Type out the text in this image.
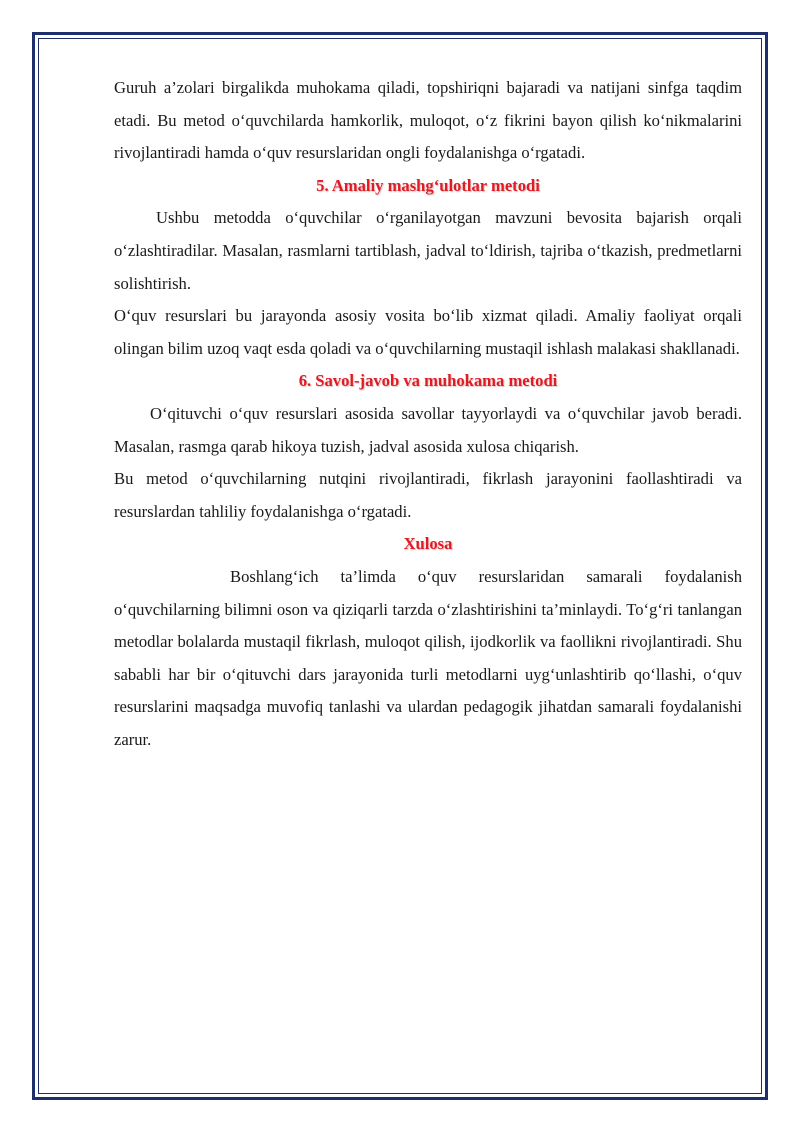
Guruh a’zolari birgalikda muhokama qiladi, topshiriqni bajaradi va natijani sinfga taqdim etadi. Bu metod o‘quvchilarda hamkorlik, muloqot, o‘z fikrini bayon qilish ko‘nikmalarini rivojlantiradi hamda o‘quv resurslaridan ongli foydalanishga o‘rgatadi.

5. Amaliy mashg‘ulotlar metodi

Ushbu metodda o‘quvchilar o‘rganilayotgan mavzuni bevosita bajarish orqali o‘zlashtiradilar. Masalan, rasmlarni tartiblash, jadval to‘ldirish, tajriba o‘tkazish, predmetlarni solishtirish.

O‘quv resurslari bu jarayonda asosiy vosita bo‘lib xizmat qiladi. Amaliy faoliyat orqali olingan bilim uzoq vaqt esda qoladi va o‘quvchilarning mustaqil ishlash malakasi shakllanadi.

6. Savol-javob va muhokama metodi

O‘qituvchi o‘quv resurslari asosida savollar tayyorlaydi va o‘quvchilar javob beradi. Masalan, rasmga qarab hikoya tuzish, jadval asosida xulosa chiqarish.

Bu metod o‘quvchilarning nutqini rivojlantiradi, fikrlash jarayonini faollashtiradi va resurslardan tahliliy foydalanishga o‘rgatadi.

Xulosa

Boshlang‘ich ta’limda o‘quv resurslaridan samarali foydalanish o‘quvchilarning bilimni oson va qiziqarli tarzda o‘zlashtirishini ta’minlaydi. To‘g‘ri tanlangan metodlar bolalarda mustaqil fikrlash, muloqot qilish, ijodkorlik va faollikni rivojlantiradi. Shu sababli har bir o‘qituvchi dars jarayonida turli metodlarni uyg‘unlashtirib qo‘llashi, o‘quv resurslarini maqsadga muvofiq tanlashi va ulardan pedagogik jihatdan samarali foydalanishi zarur.
